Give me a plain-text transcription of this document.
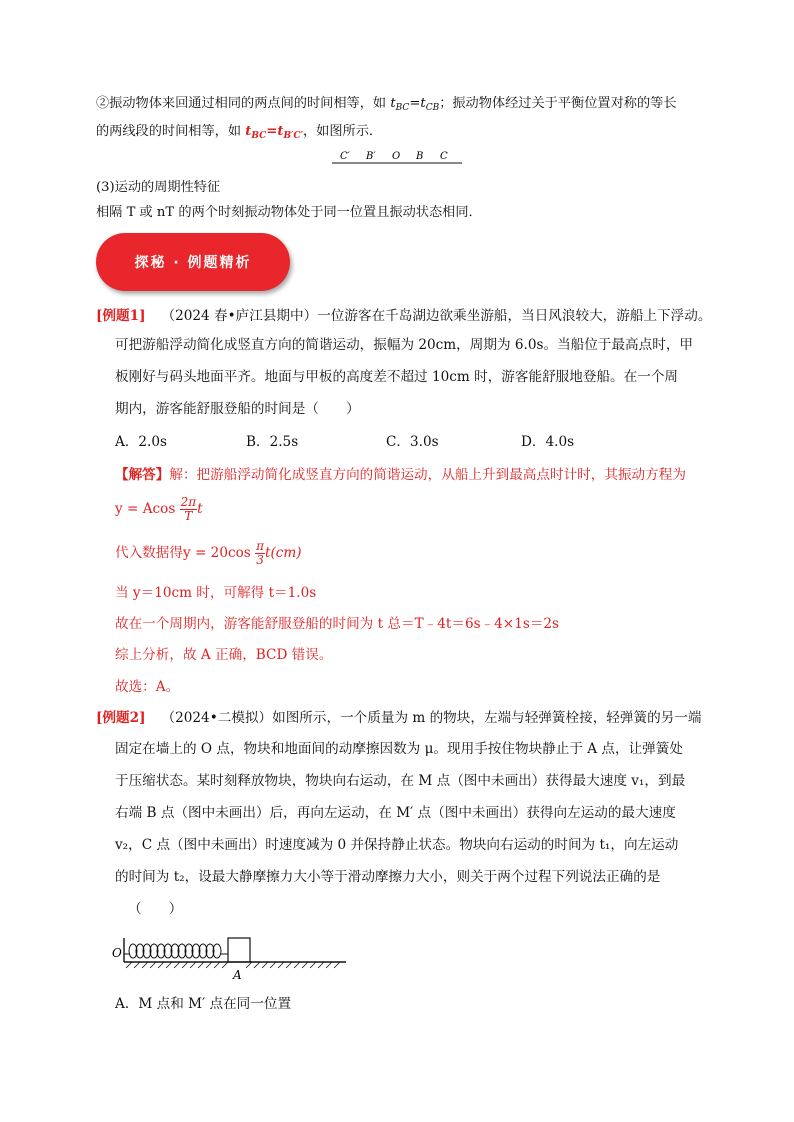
②振动物体来回通过相同的两点间的时间相等，如 $t_{BC}=t_{CB}$；振动物体经过关于平衡位置对称的等长
的两线段的时间相等，如 $t_{BC}=t_{B'C'}$，如图所示．
C′ B′ O B C
(3)运动的周期性特征
相隔 T 或 nT 的两个时刻振动物体处于同一位置且振动状态相同．
探秘 · 例题精析
[例题1] （2024 春•庐江县期中）一位游客在千岛湖边欲乘坐游船，当日风浪较大，游船上下浮动。
可把游船浮动简化成竖直方向的简谐运动，振幅为 20cm，周期为 6.0s。当船位于最高点时，甲
板刚好与码头地面平齐。地面与甲板的高度差不超过 10cm 时，游客能舒服地登船。在一个周
期内，游客能舒服登船的时间是（　　）
A．2.0s	B．2.5s	C．3.0s	D．4.0s
【解答】解：把游船浮动简化成竖直方向的简谐运动，从船上升到最高点时计时，其振动方程为
y = Acos $\frac{2\pi}{T}$ t
代入数据得$y = 20\cos \frac{\pi}{3} t(cm)$
当 y＝10cm 时，可解得 t＝1.0s
故在一个周期内，游客能舒服登船的时间为 t 总＝T﹣4t＝6s﹣4×1s＝2s
综上分析，故 A 正确，BCD 错误。
故选：A。
[例题2] （2024•二模拟）如图所示，一个质量为 m 的物块，左端与轻弹簧栓接，轻弹簧的另一端
固定在墙上的 O 点，物块和地面间的动摩擦因数为 μ。现用手按住物块静止于 A 点，让弹簧处
于压缩状态。某时刻释放物块，物块向右运动，在 M 点（图中未画出）获得最大速度 v₁，到最
右端 B 点（图中未画出）后，再向左运动，在 M′ 点（图中未画出）获得向左运动的最大速度
v₂，C 点（图中未画出）时速度减为 0 并保持静止状态。物块向右运动的时间为 t₁，向左运动
的时间为 t₂，设最大静摩擦力大小等于滑动摩擦力大小，则关于两个过程下列说法正确的是
（　　）
O
A
A．M 点和 M′ 点在同一位置
